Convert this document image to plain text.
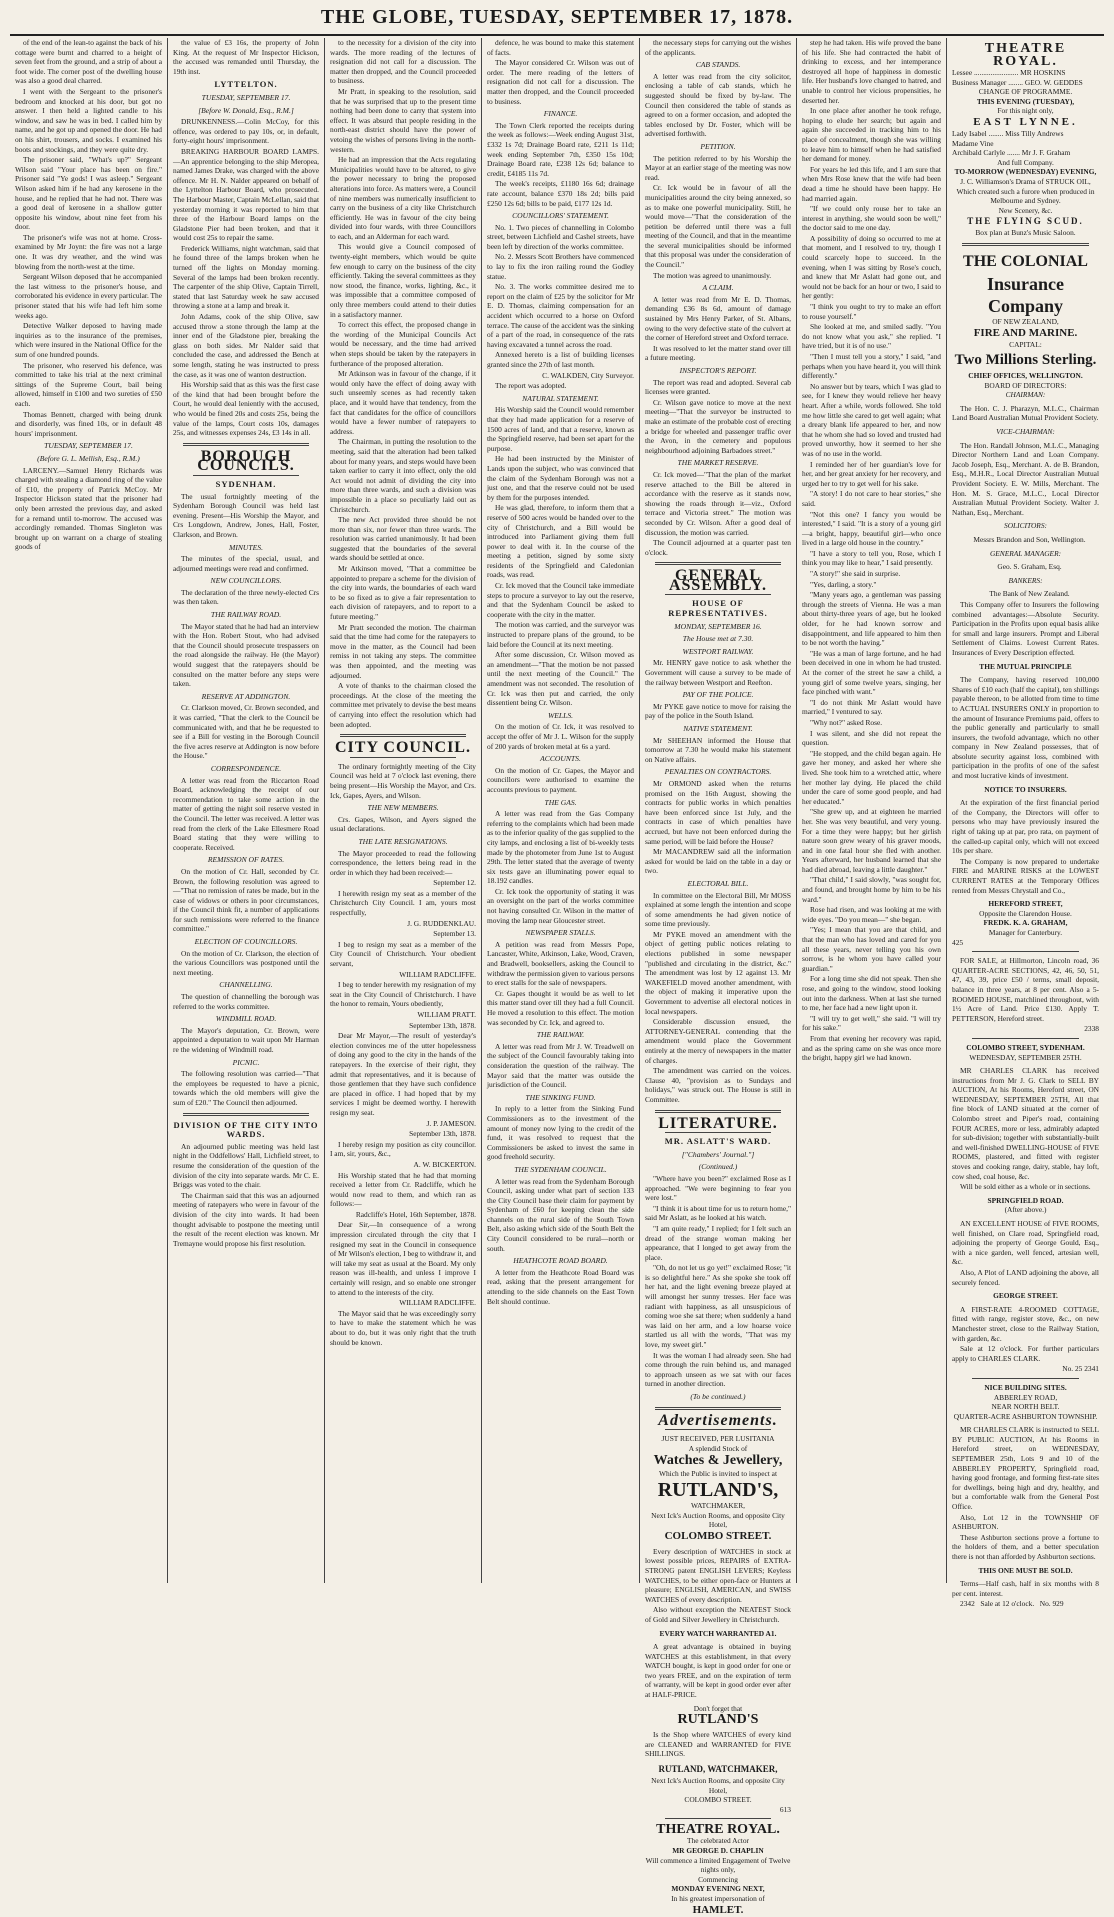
THE GLOBE, TUESDAY, SEPTEMBER 17, 1878.

of the end of the lean-to against the back of his cottage were burnt and charred to a height of seven feet from the ground, and a strip of about a foot wide. The corner post of the dwelling house was also a good deal charred.

I went with the Sergeant to the prisoner's bedroom and knocked at his door, but got no answer. I then held a lighted candle to his window, and saw he was in bed. I called him by name, and he got up and opened the door. He had on his shirt, trousers, and socks. I examined his boots and stockings, and they were quite dry.

The prisoner said, "What's up?" Sergeant Wilson said "Your place has been on fire." Prisoner said "Ye gods! I was asleep." Sergeant Wilson asked him if he had any kerosene in the house, and he replied that he had not. There was a good deal of kerosene in a shallow gutter opposite his window, about nine feet from his door.

The prisoner's wife was not at home. Cross-examined by Mr Joynt: the fire was not a large one. It was dry weather, and the wind was blowing from the north-west at the time.

Sergeant Wilson deposed that he accompanied the last witness to the prisoner's house, and corroborated his evidence in every particular. The prisoner stated that his wife had left him some weeks ago.

Detective Walker deposed to having made inquiries as to the insurance of the premises, which were insured in the National Office for the sum of one hundred pounds.

The prisoner, who reserved his defence, was committed to take his trial at the next criminal sittings of the Supreme Court, bail being allowed, himself in £100 and two sureties of £50 each.

Thomas Bennett, charged with being drunk and disorderly, was fined 10s, or in default 48 hours' imprisonment.

TUESDAY, SEPTEMBER 17.
(Before G. L. Mellish, Esq., R.M.)

LARCENY.—Samuel Henry Richards was charged with stealing a diamond ring of the value of £10, the property of Patrick McCoy. Mr Inspector Hickson stated that the prisoner had only been arrested the previous day, and asked for a remand until to-morrow. The accused was accordingly remanded. Thomas Singleton was brought up on warrant on a charge of stealing goods of

the value of £3 16s, the property of John King. At the request of Mr Inspector Hickson, the accused was remanded until Thursday, the 19th inst.

LYTTELTON.
TUESDAY, SEPTEMBER 17.
[Before W. Donald, Esq., R.M.]

DRUNKENNESS.—Colin McCoy, for this offence, was ordered to pay 10s, or, in default, forty-eight hours' imprisonment.

BREAKING HARBOUR BOARD LAMPS.—An apprentice belonging to the ship Meropea, named James Drake, was charged with the above offence. Mr H. N. Nalder appeared on behalf of the Lyttelton Harbour Board, who prosecuted. The Harbour Master, Captain McLellan, said that yesterday morning it was reported to him that three of the Harbour Board lamps on the Gladstone Pier had been broken, and that it would cost 25s to repair the same.

Frederick Williams, night watchman, said that he found three of the lamps broken when he turned off the lights on Monday morning. Several of the lamps had been broken recently. The carpenter of the ship Olive, Captain Tirrell, stated that last Saturday week he saw accused throwing a stone at a lamp and break it.

John Adams, cook of the ship Olive, saw accused throw a stone through the lamp at the inner end of the Gladstone pier, breaking the glass on both sides. Mr Nalder said that concluded the case, and addressed the Bench at some length, stating he was instructed to press the case, as it was one of wanton destruction.

His Worship said that as this was the first case of the kind that had been brought before the Court, he would deal leniently with the accused, who would be fined 20s and costs 25s, being the value of the lamps, Court costs 10s, damages 25s, and witnesses expenses 24s, £3 14s in all.

BOROUGH COUNCILS.
SYDENHAM.

The usual fortnightly meeting of the Sydenham Borough Council was held last evening. Present—His Worship the Mayor, and Crs Longdown, Andrew, Jones, Hall, Foster, Clarkson, and Brown.

MINUTES.

The minutes of the special, usual, and adjourned meetings were read and confirmed.

NEW COUNCILLORS.

The declaration of the three newly-elected Crs was then taken.

THE RAILWAY ROAD.

The Mayor stated that he had had an interview with the Hon. Robert Stout, who had advised that the Council should prosecute trespassers on the road alongside the railway. He (the Mayor) would suggest that the ratepayers should be consulted on the matter before any steps were taken.

RESERVE AT ADDINGTON.

Cr. Clarkson moved, Cr. Brown seconded, and it was carried, "That the clerk to the Council be communicated with, and that he be requested to see if a Bill for vesting in the Borough Council the five acres reserve at Addington is now before the House."

CORRESPONDENCE.

A letter was read from the Riccarton Road Board, acknowledging the receipt of our recommendation to take some action in the matter of getting the night soil reserve vested in the Council. The letter was received. A letter was read from the clerk of the Lake Ellesmere Road Board stating that they were willing to cooperate. Received.

REMISSION OF RATES.

On the motion of Cr. Hall, seconded by Cr. Brown, the following resolution was agreed to—"That no remission of rates be made, but in the case of widows or others in poor circumstances, if the Council think fit, a number of applications for such remissions were referred to the finance committee."

ELECTION OF COUNCILLORS.

On the motion of Cr. Clarkson, the election of the various Councillors was postponed until the next meeting.

CHANNELLING.

The question of channelling the borough was referred to the works committee.

WINDMILL ROAD.

The Mayor's deputation, Cr. Brown, were appointed a deputation to wait upon Mr Harman re the widening of Windmill road.

PICNIC.

The following resolution was carried—"That the employees be requested to have a picnic, towards which the old members will give the sum of £20." The Council then adjourned.

DIVISION OF THE CITY INTO WARDS.

An adjourned public meeting was held last night in the Oddfellows' Hall, Lichfield street, to resume the consideration of the question of the division of the city into separate wards. Mr C. E. Briggs was voted to the chair.

The Chairman said that this was an adjourned meeting of ratepayers who were in favour of the division of the city into wards. It had been thought advisable to postpone the meeting until the result of the recent election was known. Mr Tremayne would propose his first resolution.

to the necessity for a division of the city into wards. The more reading of the lectures of resignation did not call for a discussion. The matter then dropped, and the Council proceeded to business.

Mr Pratt, in speaking to the resolution, said that he was surprised that up to the present time nothing had been done to carry that system into effect. It was absurd that people residing in the north-east district should have the power of vetoing the wishes of persons living in the north-western.

He had an impression that the Acts regulating Municipalities would have to be altered, to give the power necessary to bring the proposed alterations into force. As matters were, a Council of nine members was numerically insufficient to carry on the business of a city like Christchurch efficiently. He was in favour of the city being divided into four wards, with three Councillors to each, and an Alderman for each ward.

This would give a Council composed of twenty-eight members, which would be quite few enough to carry on the business of the city efficiently. Taking the several committees as they now stood, the finance, works, lighting, &c., it was impossible that a committee composed of only three members could attend to their duties in a satisfactory manner.

To correct this effect, the proposed change in the wording of the Municipal Councils Act would be necessary, and the time had arrived when steps should be taken by the ratepayers in furtherance of the proposed alteration.

Mr Atkinson was in favour of the change, if it would only have the effect of doing away with such unseemly scenes as had recently taken place, and it would have that tendency, from the fact that candidates for the office of councillors would have a fewer number of ratepayers to address.

The Chairman, in putting the resolution to the meeting, said that the alteration had been talked about for many years, and steps would have been taken earlier to carry it into effect, only the old Act would not admit of dividing the city into more than three wards, and such a division was impossible in a place so peculiarly laid out as Christchurch.

The new Act provided three should be not more than six, nor fewer than three wards. The resolution was carried unanimously. It had been suggested that the boundaries of the several wards should be settled at once.

Mr Atkinson moved, "That a committee be appointed to prepare a scheme for the division of the city into wards, the boundaries of each ward to be so fixed as to give a fair representation to each division of ratepayers, and to report to a future meeting."

Mr Pratt seconded the motion. The chairman said that the time had come for the ratepayers to move in the matter, as the Council had been remiss in not taking any steps. The committee was then appointed, and the meeting was adjourned.

A vote of thanks to the chairman closed the proceedings. At the close of the meeting the committee met privately to devise the best means of carrying into effect the resolution which had been adopted.

CITY COUNCIL.

The ordinary fortnightly meeting of the City Council was held at 7 o'clock last evening, there being present—His Worship the Mayor, and Crs. Ick, Gapes, Ayers, and Wilson.

THE NEW MEMBERS.

Crs. Gapes, Wilson, and Ayers signed the usual declarations.

THE LATE RESIGNATIONS.

The Mayor proceeded to read the following correspondence, the letters being read in the order in which they had been received:—

September 12.

I herewith resign my seat as a member of the Christchurch City Council. I am, yours most respectfully,

J. G. RUDDENKLAU.

September 13.

I beg to resign my seat as a member of the City Council of Christchurch. Your obedient servant,

WILLIAM RADCLIFFE.

I beg to tender herewith my resignation of my seat in the City Council of Christchurch. I have the honor to remain, Yours obediently,

WILLIAM PRATT.

September 13th, 1878.

Dear Mr Mayor,—The result of yesterday's election convinces me of the utter hopelessness of doing any good to the city in the hands of the ratepayers. In the exercise of their right, they admit that representatives, and it is because of those gentlemen that they have such confidence are placed in office. I had hoped that by my services I might be deemed worthy. I herewith resign my seat.

J. P. JAMESON.

September 13th, 1878.

I hereby resign my position as city councillor. I am, sir, yours, &c.,

A. W. BICKERTON.

His Worship stated that he had that morning received a letter from Cr. Radcliffe, which he would now read to them, and which ran as follows:—

Radcliffe's Hotel, 16th September, 1878.

Dear Sir,—In consequence of a wrong impression circulated through the city that I resigned my seat in the Council in consequence of Mr Wilson's election, I beg to withdraw it, and will take my seat as usual at the Board. My only reason was ill-health, and unless I improve I certainly will resign, and so enable one stronger to attend to the interests of the city.

WILLIAM RADCLIFFE.

The Mayor said that he was exceedingly sorry to have to make the statement which he was about to do, but it was only right that the truth should be known.

defence, he was bound to make this statement of facts.

The Mayor considered Cr. Wilson was out of order. The mere reading of the letters of resignation did not call for a discussion. The matter then dropped, and the Council proceeded to business.

FINANCE.

The Town Clerk reported the receipts during the week as follows:—Week ending August 31st, £332 1s 7d; Drainage Board rate, £211 1s 11d; week ending September 7th, £350 15s 10d; Drainage Board rate, £238 12s 6d; balance to credit, £4185 11s 7d.

The week's receipts, £1180 16s 6d; drainage rate account, balance £370 18s 2d; bills paid £250 12s 6d; bills to be paid, £177 12s 1d.

COUNCILLORS' STATEMENT.

No. 1. Two pieces of channelling in Colombo street, between Lichfield and Cashel streets, have been left by direction of the works committee.

No. 2. Messrs Scott Brothers have commenced to lay to fix the iron railing round the Godley statue.

No. 3. The works committee desired me to report on the claim of £25 by the solicitor for Mr E. D. Thomas, claiming compensation for an accident which occurred to a horse on Oxford terrace. The cause of the accident was the sinking of a part of the road, in consequence of the rats having excavated a tunnel across the road.

Annexed hereto is a list of building licenses granted since the 27th of last month.

C. WALKDEN, City Surveyor.

The report was adopted.

NATURAL STATEMENT.

His Worship said the Council would remember that they had made application for a reserve of 1500 acres of land, and that a reserve, known as the Springfield reserve, had been set apart for the purpose.

He had been instructed by the Minister of Lands upon the subject, who was convinced that the claim of the Sydenham Borough was not a just one, and that the reserve could not be used by them for the purposes intended.

He was glad, therefore, to inform them that a reserve of 500 acres would be handed over to the city of Christchurch, and a Bill would be introduced into Parliament giving them full power to deal with it. In the course of the meeting a petition, signed by some sixty residents of the Springfield and Caledonian roads, was read.

Cr. Ick moved that the Council take immediate steps to procure a surveyor to lay out the reserve, and that the Sydenham Council be asked to cooperate with the city in the matter.

The motion was carried, and the surveyor was instructed to prepare plans of the ground, to be laid before the Council at its next meeting.

After some discussion, Cr. Wilson moved as an amendment—"That the motion be not passed until the next meeting of the Council." The amendment was not seconded. The resolution of Cr. Ick was then put and carried, the only dissentient being Cr. Wilson.

WELLS.

On the motion of Cr. Ick, it was resolved to accept the offer of Mr J. L. Wilson for the supply of 200 yards of broken metal at 6s a yard.

ACCOUNTS.

On the motion of Cr. Gapes, the Mayor and councillors were authorised to examine the accounts previous to payment.

THE GAS.

A letter was read from the Gas Company referring to the complaints which had been made as to the inferior quality of the gas supplied to the city lamps, and enclosing a list of bi-weekly tests made by the photometer from June 1st to August 29th. The letter stated that the average of twenty six tests gave an illuminating power equal to 18.192 candles.

Cr. Ick took the opportunity of stating it was an oversight on the part of the works committee not having consulted Cr. Wilson in the matter of moving the lamp near Gloucester street.

NEWSPAPER STALLS.

A petition was read from Messrs Pope, Lancaster, White, Atkinson, Lake, Wood, Craven, and Bradwell, booksellers, asking the Council to withdraw the permission given to various persons to erect stalls for the sale of newspapers.

Cr. Gapes thought it would be as well to let this matter stand over till they had a full Council. He moved a resolution to this effect. The motion was seconded by Cr. Ick, and agreed to.

THE RAILWAY.

A letter was read from Mr J. W. Treadwell on the subject of the Council favourably taking into consideration the question of the railway. The Mayor said that the matter was outside the jurisdiction of the Council.

THE SINKING FUND.

In reply to a letter from the Sinking Fund Commissioners as to the investment of the amount of money now lying to the credit of the fund, it was resolved to request that the Commissioners be asked to invest the same in good freehold security.

THE SYDENHAM COUNCIL.

A letter was read from the Sydenham Borough Council, asking under what part of section 133 the City Council base their claim for payment by Sydenham of £60 for keeping clean the side channels on the rural side of the South Town Belt, also asking which side of the South Belt the City Council considered to be rural—north or south.

HEATHCOTE ROAD BOARD.

A letter from the Heathcote Road Board was read, asking that the present arrangement for attending to the side channels on the East Town Belt should continue.

the necessary steps for carrying out the wishes of the applicants.

CAB STANDS.

A letter was read from the city solicitor, enclosing a table of cab stands, which he suggested should be fixed by by-law. The Council then considered the table of stands as agreed to on a former occasion, and adopted the tables enclosed by Dr. Foster, which will be advertised forthwith.

PETITION.

The petition referred to by his Worship the Mayor at an earlier stage of the meeting was now read.

Cr. Ick would be in favour of all the municipalities around the city being annexed, so as to make one powerful municipality. Still, he would move—"That the consideration of the petition be deferred until there was a full meeting of the Council, and that in the meantime the several municipalities should be informed that this proposal was under the consideration of the Council."

The motion was agreed to unanimously.

A CLAIM.

A letter was read from Mr E. D. Thomas, demanding £36 8s 6d, amount of damage sustained by Mrs Henry Parker, of St. Albans, owing to the very defective state of the culvert at the corner of Hereford street and Oxford terrace.

It was resolved to let the matter stand over till a future meeting.

INSPECTOR'S REPORT.

The report was read and adopted. Several cab licenses were granted.

Cr. Wilson gave notice to move at the next meeting—"That the surveyor be instructed to make an estimate of the probable cost of erecting a bridge for wheeled and passenger traffic over the Avon, in the cemetery and populous neighbourhood adjoining Barbadoes street."

THE MARKET RESERVE.

Cr. Ick moved—"That the plan of the market reserve attached to the Bill be altered in accordance with the reserve as it stands now, showing the roads through it—viz., Oxford terrace and Victoria street." The motion was seconded by Cr. Wilson. After a good deal of discussion, the motion was carried.

The Council adjourned at a quarter past ten o'clock.

GENERAL ASSEMBLY.
HOUSE OF REPRESENTATIVES.
MONDAY, SEPTEMBER 16.
The House met at 7.30.
WESTPORT RAILWAY.

Mr. HENRY gave notice to ask whether the Government will cause a survey to be made of the railway between Westport and Reefton.

PAY OF THE POLICE.

Mr PYKE gave notice to move for raising the pay of the police in the South Island.

NATIVE STATEMENT.

Mr SHEEHAN informed the House that tomorrow at 7.30 he would make his statement on Native affairs.

PENALTIES ON CONTRACTORS.

Mr ORMOND asked when the returns promised on the 16th August, showing the contracts for public works in which penalties have been enforced since 1st July, and the contracts in case of which penalties have accrued, but have not been enforced during the same period, will be laid before the House?

Mr MACANDREW said all the information asked for would be laid on the table in a day or two.

ELECTORAL BILL.

In committee on the Electoral Bill, Mr MOSS explained at some length the intention and scope of some amendments he had given notice of some time previously.

Mr PYKE moved an amendment with the object of getting public notices relating to elections published in some newspaper "published and circulating in the district, &c." The amendment was lost by 12 against 13. Mr WAKEFIELD moved another amendment, with the object of making it imperative upon the Government to advertise all electoral notices in local newspapers.

Considerable discussion ensued, the ATTORNEY-GENERAL contending that the amendment would place the Government entirely at the mercy of newspapers in the matter of charges.

The amendment was carried on the voices. Clause 40, "provision as to Sundays and holidays," was struck out. The House is still in Committee.

LITERATURE.
MR. ASLATT'S WARD.
["Chambers' Journal."]
(Continued.)

"Where have you been?" exclaimed Rose as I approached. "We were beginning to fear you were lost."

"I think it is about time for us to return home," said Mr Aslatt, as he looked at his watch.

"I am quite ready," I replied; for I felt such an dread of the strange woman making her appearance, that I longed to get away from the place.

"Oh, do not let us go yet!" exclaimed Rose; "it is so delightful here." As she spoke she took off her hat, and the light evening breeze played at will amongst her sunny tresses. Her face was radiant with happiness, as all unsuspicious of coming woe she sat there; when suddenly a hand was laid on her arm, and a low hoarse voice startled us all with the words, "That was my love, my sweet girl."

It was the woman I had already seen. She had come through the ruin behind us, and managed to approach unseen as we sat with our faces turned in another direction.

(To be continued.)
Advertisements.
JUST RECEIVED, PER LUSITANIA
A splendid Stock of
Watches & Jewellery,
Which the Public is invited to inspect at
RUTLAND'S,
WATCHMAKER,
Next Ick's Auction Rooms, and opposite City Hotel,
COLOMBO STREET.

Every description of WATCHES in stock at lowest possible prices, REPAIRS of EXTRA-STRONG patent ENGLISH LEVERS; Keyless WATCHES, to be either open-face or Hunters at pleasure; ENGLISH, AMERICAN, and SWISS WATCHES of every description.

Also without exception the NEATEST Stock of Gold and Silver Jewellery in Christchurch.

EVERY WATCH WARRANTED A1.

A great advantage is obtained in buying WATCHES at this establishment, in that every WATCH bought, is kept in good order for one or two years FREE, and on the expiration of term of warranty, will be kept in good order ever after at HALF-PRICE.

Don't forget that
RUTLAND'S

Is the Shop where WATCHES of every kind are CLEANED and WARRANTED for FIVE SHILLINGS.

RUTLAND, WATCHMAKER,
Next Ick's Auction Rooms, and opposite City Hotel,
COLOMBO STREET.
613
THEATRE ROYAL.
The celebrated Actor
MR GEORGE D. CHAPLIN
Will commence a limited Engagement of Twelve nights only,
Commencing
MONDAY EVENING NEXT,
In his greatest impersonation of
HAMLET.

step he had taken. His wife proved the bane of his life. She had contracted the habit of drinking to excess, and her intemperance destroyed all hope of happiness in domestic life. Her husband's love changed to hatred, and unable to control her vicious propensities, he deserted her.

In one place after another he took refuge, hoping to elude her search; but again and again she succeeded in tracking him to his place of concealment, though she was willing to leave him to himself when he had satisfied her demand for money.

For years he led this life, and I am sure that when Mrs Rose knew that the wife had been dead a time he should have been happy. He had married again.

"If we could only rouse her to take an interest in anything, she would soon be well," the doctor said to me one day.

A possibility of doing so occurred to me at that moment, and I resolved to try, though I could scarcely hope to succeed. In the evening, when I was sitting by Rose's couch, and knew that Mr Aslatt had gone out, and would not be back for an hour or two, I said to her gently:

"I think you ought to try to make an effort to rouse yourself."

She looked at me, and smiled sadly. "You do not know what you ask," she replied. "I have tried, but it is of no use."

"Then I must tell you a story," I said, "and perhaps when you have heard it, you will think differently."

No answer but by tears, which I was glad to see, for I knew they would relieve her heavy heart. After a while, words followed. She told me how little she cared to get well again; what a dreary blank life appeared to her, and now that he whom she had so loved and trusted had proved unworthy, how it seemed to her she was of no use in the world.

I reminded her of her guardian's love for her, and her great anxiety for her recovery, and urged her to try to get well for his sake.

"A story! I do not care to hear stories," she said.

"Not this one? I fancy you would be interested," I said. "It is a story of a young girl—a bright, happy, beautiful girl—who once lived in a large old house in the country."

"I have a story to tell you, Rose, which I think you may like to hear," I said presently.

"A story!" she said in surprise.

"Yes, darling, a story."

"Many years ago, a gentleman was passing through the streets of Vienna. He was a man about thirty-three years of age, but he looked older, for he had known sorrow and disappointment, and life appeared to him then to be not worth the having."

"He was a man of large fortune, and he had been deceived in one in whom he had trusted. At the corner of the street he saw a child, a young girl of some twelve years, singing, her face pinched with want."

"I do not think Mr Aslatt would have married," I ventured to say.

"Why not?" asked Rose.

I was silent, and she did not repeat the question.

"He stopped, and the child began again. He gave her money, and asked her where she lived. She took him to a wretched attic, where her mother lay dying. He placed the child under the care of some good people, and had her educated."

"She grew up, and at eighteen he married her. She was very beautiful, and very young. For a time they were happy; but her girlish nature soon grew weary of his graver moods, and in one fatal hour she fled with another. Years afterward, her husband learned that she had died abroad, leaving a little daughter."

"That child," I said slowly, "was sought for, and found, and brought home by him to be his ward."

Rose had risen, and was looking at me with wide eyes. "Do you mean—" she began.

"Yes; I mean that you are that child, and that the man who has loved and cared for you all these years, never telling you his own sorrow, is he whom you have called your guardian."

For a long time she did not speak. Then she rose, and going to the window, stood looking out into the darkness. When at last she turned to me, her face had a new light upon it.

"I will try to get well," she said. "I will try for his sake."

From that evening her recovery was rapid, and as the spring came on she was once more the bright, happy girl we had known.

THEATRE ROYAL.
Lessee ........................ MR HOSKINS
Business Manager ........ GEO. W. GEDDES
CHANGE OF PROGRAMME.
THIS EVENING (TUESDAY),
For this night only,
EAST LYNNE.
Lady Isabel ........ Miss Tilly Andrews
Madame Vine
Archibald Carlyle ....... Mr J. F. Graham
And full Company.
TO-MORROW (WEDNESDAY) EVENING,
J. C. Williamson's Drama of STRUCK OIL,
Which created such a furore when produced in Melbourne and Sydney.
New Scenery, &c.
THE FLYING SCUD.
Box plan at Bunz's Music Saloon.
THE COLONIAL
Insurance Company
OF NEW ZEALAND,
FIRE AND MARINE.
CAPITAL:
Two Millions Sterling.
CHIEF OFFICES, WELLINGTON.
BOARD OF DIRECTORS:
CHAIRMAN:

The Hon. C. J. Pharazyn, M.L.C., Chairman Land Board Australian Mutual Provident Society.

VICE-CHAIRMAN:

The Hon. Randall Johnson, M.L.C., Managing Director Northern Land and Loan Company. Jacob Joseph, Esq., Merchant. A. de B. Brandon, Esq., M.H.R., Local Director Australian Mutual Provident Society. E. W. Mills, Merchant. The Hon. M. S. Grace, M.L.C., Local Director Australian Mutual Provident Society. Walter J. Nathan, Esq., Merchant.

SOLICITORS:

Messrs Brandon and Son, Wellington.

GENERAL MANAGER:

Geo. S. Graham, Esq.

BANKERS:

The Bank of New Zealand.

This Company offer to Insurers the following combined advantages:—Absolute Security. Participation in the Profits upon equal basis alike for small and large insurers. Prompt and Liberal Settlement of Claims. Lowest Current Rates. Insurances of Every Description effected.

THE MUTUAL PRINCIPLE

The Company, having reserved 100,000 Shares of £10 each (half the capital), ten shillings payable thereon, to be allotted from time to time to ACTUAL INSURERS ONLY in proportion to the amount of Insurance Premiums paid, offers to the public generally and particularly to small insurers, the twofold advantage, which no other company in New Zealand possesses, that of absolute security against loss, combined with participation in the profits of one of the safest and most lucrative kinds of investment.

NOTICE TO INSURERS.

At the expiration of the first financial period of the Company, the Directors will offer to persons who may have previously insured the right of taking up at par, pro rata, on payment of the called-up capital only, which will not exceed 10s per share.

The Company is now prepared to undertake FIRE and MARINE RISKS at the LOWEST CURRENT RATES at the Temporary Offices rented from Messrs Chrystall and Co.,

HEREFORD STREET,
Opposite the Clarendon House.
FREDK. K. A. GRAHAM,
Manager for Canterbury.
425

FOR SALE, at Hillmorton, Lincoln road, 36 QUARTER-ACRE SECTIONS, 42, 46, 50, 51, 47, 43, 39, price £50 / terms, small deposit, balance in three years, at 8 per cent. Also a 5-ROOMED HOUSE, matchlined throughout, with 1½ Acre of Land. Price £130. Apply T. PETTERSON, Hereford street.

2338

COLOMBO STREET, SYDENHAM.
WEDNESDAY, SEPTEMBER 25TH.

MR CHARLES CLARK has received instructions from Mr J. G. Clark to SELL BY AUCTION, At his Rooms, Hereford street, ON WEDNESDAY, SEPTEMBER 25TH, All that fine block of LAND situated at the corner of Colombo street and Piper's road, containing FOUR ACRES, more or less, admirably adapted for sub-division; together with substantially-built and well-finished DWELLING-HOUSE of FIVE ROOMS, plastered, and fitted with register stoves and cooking range, dairy, stable, hay loft, cow shed, coal house, &c.

Will be sold either as a whole or in sections.

SPRINGFIELD ROAD.
(After above.)

AN EXCELLENT HOUSE of FIVE ROOMS, well finished, on Clare road, Springfield road, adjoining the property of George Gould, Esq., with a nice garden, well fenced, artesian well, &c.

Also, A Plot of LAND adjoining the above, all securely fenced.

GEORGE STREET.

A FIRST-RATE 4-ROOMED COTTAGE, fitted with range, register stove, &c., on new Manchester street, close to the Railway Station, with garden, &c.

Sale at 12 o'clock. For further particulars apply to CHARLES CLARK.

No. 25 2341

NICE BUILDING SITES.
ABBERLEY ROAD,
NEAR NORTH BELT.
QUARTER-ACRE ASHBURTON TOWNSHIP.

MR CHARLES CLARK is instructed to SELL BY PUBLIC AUCTION, At his Rooms in Hereford street, on WEDNESDAY, SEPTEMBER 25th, Lots 9 and 10 of the ABBERLEY PROPERTY, Springfield road, having good frontage, and forming first-rate sites for dwellings, being high and dry, healthy, and but a comfortable walk from the General Post Office.

Also, Lot 12 in the TOWNSHIP OF ASHBURTON.

These Ashburton sections prove a fortune to the holders of them, and a better speculation there is not than afforded by Ashburton sections.

THIS ONE MUST BE SOLD.

Terms—Half cash, half in six months with 8 per cent. interest.

2342 Sale at 12 o'clock. No. 929
